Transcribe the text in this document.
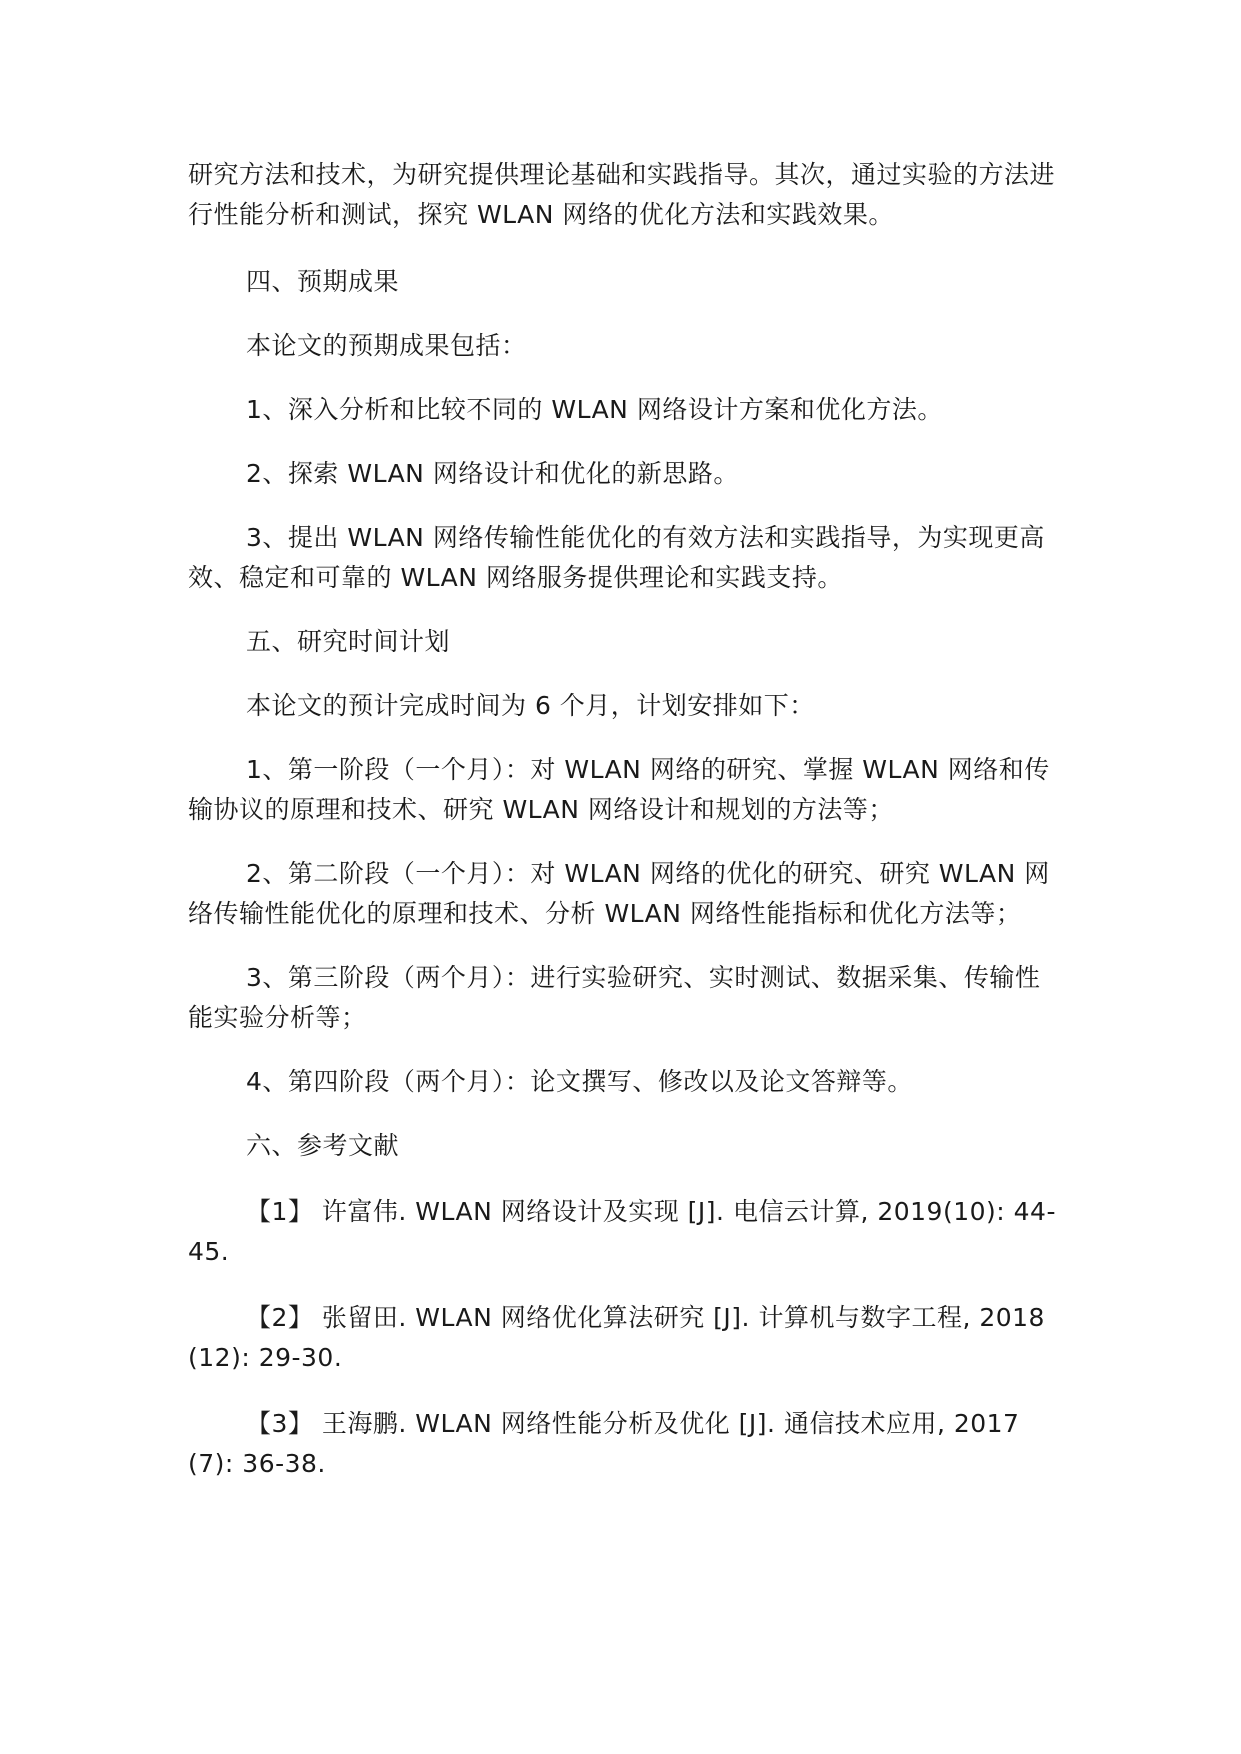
研究方法和技术，为研究提供理论基础和实践指导。其次，通过实验的方法进行性能分析和测试，探究 WLAN 网络的优化方法和实践效果。

四、预期成果

本论文的预期成果包括：

1、深入分析和比较不同的 WLAN 网络设计方案和优化方法。

2、探索 WLAN 网络设计和优化的新思路。

3、提出 WLAN 网络传输性能优化的有效方法和实践指导，为实现更高效、稳定和可靠的 WLAN 网络服务提供理论和实践支持。

五、研究时间计划

本论文的预计完成时间为 6 个月，计划安排如下：

1、第一阶段（一个月）：对 WLAN 网络的研究、掌握 WLAN 网络和传输协议的原理和技术、研究 WLAN 网络设计和规划的方法等；

2、第二阶段（一个月）：对 WLAN 网络的优化的研究、研究 WLAN 网络传输性能优化的原理和技术、分析 WLAN 网络性能指标和优化方法等；

3、第三阶段（两个月）：进行实验研究、实时测试、数据采集、传输性能实验分析等；

4、第四阶段（两个月）：论文撰写、修改以及论文答辩等。

六、参考文献

【1】 许富伟. WLAN 网络设计及实现 [J]. 电信云计算, 2019(10): 44-45.

【2】 张留田. WLAN 网络优化算法研究 [J]. 计算机与数字工程, 2018(12): 29-30.

【3】 王海鹏. WLAN 网络性能分析及优化 [J]. 通信技术应用, 2017(7): 36-38.
